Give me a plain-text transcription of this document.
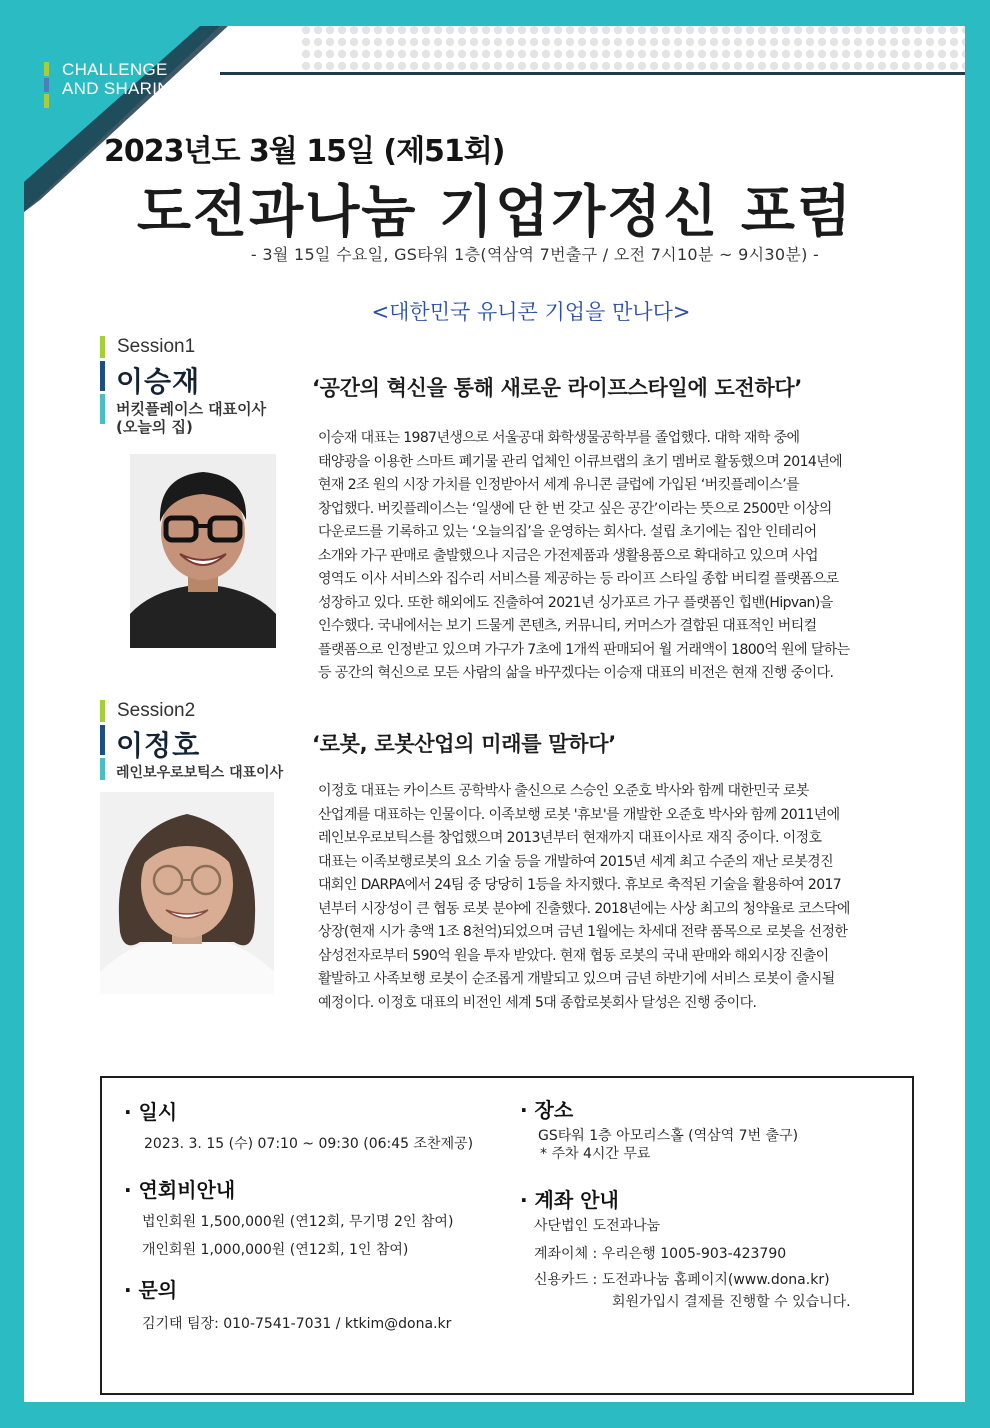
CHALLENGE
AND SHARING
2023년도 3월 15일 (제51회)
도전과나눔 기업가정신 포럼
- 3월 15일 수요일, GS타워 1층(역삼역 7번출구 / 오전 7시10분 ~ 9시30분) -
<대한민국 유니콘 기업을 만나다>
Session1
이승재
버킷플레이스 대표이사
(오늘의 집)
‘공간의 혁신을 통해 새로운 라이프스타일에 도전하다’
이승재 대표는 1987년생으로 서울공대 화학생물공학부를 졸업했다. 대학 재학 중에
태양광을 이용한 스마트 폐기물 관리 업체인 이큐브랩의 초기 멤버로 활동했으며 2014년에
현재 2조 원의 시장 가치를 인정받아서 세계 유니콘 클럽에 가입된 ‘버킷플레이스’를
창업했다. 버킷플레이스는 ‘일생에 단 한 번 갖고 싶은 공간’이라는 뜻으로 2500만 이상의
다운로드를 기록하고 있는 ‘오늘의집’을 운영하는 회사다. 설립 초기에는 집안 인테리어
소개와 가구 판매로 출발했으나 지금은 가전제품과 생활용품으로 확대하고 있으며 사업
영역도 이사 서비스와 집수리 서비스를 제공하는 등 라이프 스타일 종합 버티컬 플랫폼으로
성장하고 있다. 또한 해외에도 진출하여 2021년 싱가포르 가구 플랫폼인 힙밴(Hipvan)을
인수했다. 국내에서는 보기 드물게 콘텐츠, 커뮤니티, 커머스가 결합된 대표적인 버티컬
플랫폼으로 인정받고 있으며 가구가 7초에 1개씩 판매되어 월 거래액이 1800억 원에 달하는
등 공간의 혁신으로 모든 사람의 삶을 바꾸겠다는 이승재 대표의 비전은 현재 진행 중이다.
Session2
이정호
레인보우로보틱스 대표이사
‘로봇, 로봇산업의 미래를 말하다’
이정호 대표는 카이스트 공학박사 출신으로 스승인 오준호 박사와 함께 대한민국 로봇
산업계를 대표하는 인물이다. 이족보행 로봇 '휴보'를 개발한 오준호 박사와 함께 2011년에
레인보우로보틱스를 창업했으며 2013년부터 현재까지 대표이사로 재직 중이다. 이정호
대표는 이족보행로봇의 요소 기술 등을 개발하여 2015년 세계 최고 수준의 재난 로봇경진
대회인 DARPA에서 24팀 중 당당히 1등을 차지했다. 휴보로 축적된 기술을 활용하여 2017
년부터 시장성이 큰 협동 로봇 분야에 진출했다. 2018년에는 사상 최고의 청약율로 코스닥에
상장(현재 시가 총액 1조 8천억)되었으며 금년 1월에는 차세대 전략 품목으로 로봇을 선정한
삼성전자로부터 590억 원을 투자 받았다. 현재 협동 로봇의 국내 판매와 해외시장 진출이
활발하고 사족보행 로봇이 순조롭게 개발되고 있으며 금년 하반기에 서비스 로봇이 출시될
예정이다. 이정호 대표의 비전인 세계 5대 종합로봇회사 달성은 진행 중이다.
· 일시
2023. 3. 15 (수) 07:10 ~ 09:30 (06:45 조찬제공)
· 연회비안내
법인회원 1,500,000원 (연12회, 무기명 2인 참여)
개인회원 1,000,000원 (연12회, 1인 참여)
· 문의
김기태 팀장: 010-7541-7031 / ktkim@dona.kr
· 장소
GS타워 1층 아모리스홀 (역삼역 7번 출구)
* 주차 4시간 무료
· 계좌 안내
사단법인 도전과나눔
계좌이체 : 우리은행 1005-903-423790
신용카드 : 도전과나눔 홈페이지(www.dona.kr)
회원가입시 결제를 진행할 수 있습니다.
